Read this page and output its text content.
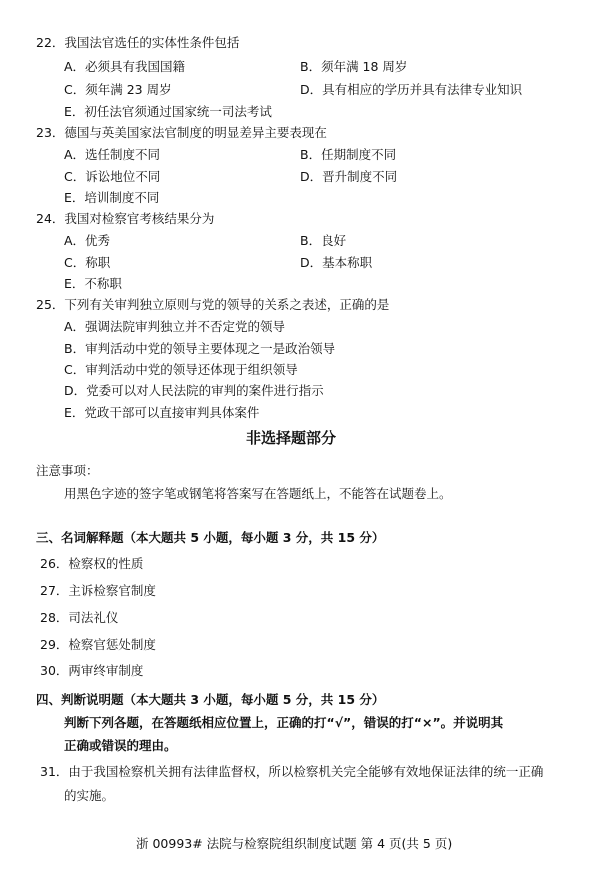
22．我国法官选任的实体性条件包括
A．必须具有我国国籍	B．须年满 18 周岁
C．须年满 23 周岁	D．具有相应的学历并具有法律专业知识
E．初任法官须通过国家统一司法考试
23．德国与英美国家法官制度的明显差异主要表现在
A．选任制度不同	B．任期制度不同
C．诉讼地位不同	D．晋升制度不同
E．培训制度不同
24．我国对检察官考核结果分为
A．优秀	B．良好
C．称职	D．基本称职
E．不称职
25．下列有关审判独立原则与党的领导的关系之表述，正确的是
A．强调法院审判独立并不否定党的领导
B．审判活动中党的领导主要体现之一是政治领导
C．审判活动中党的领导还体现于组织领导
D．党委可以对人民法院的审判的案件进行指示
E．党政干部可以直接审判具体案件
非选择题部分
注意事项：
用黑色字迹的签字笔或钢笔将答案写在答题纸上，不能答在试题卷上。
三、名词解释题（本大题共 5 小题，每小题 3 分，共 15 分）
26．检察权的性质
27．主诉检察官制度
28．司法礼仪
29．检察官惩处制度
30．两审终审制度
四、判断说明题（本大题共 3 小题，每小题 5 分，共 15 分）
判断下列各题，在答题纸相应位置上，正确的打“√”，错误的打“×”。并说明其
正确或错误的理由。
31．由于我国检察机关拥有法律监督权，所以检察机关完全能够有效地保证法律的统一正确
的实施。
浙 00993# 法院与检察院组织制度试题 第 4 页(共 5 页)
